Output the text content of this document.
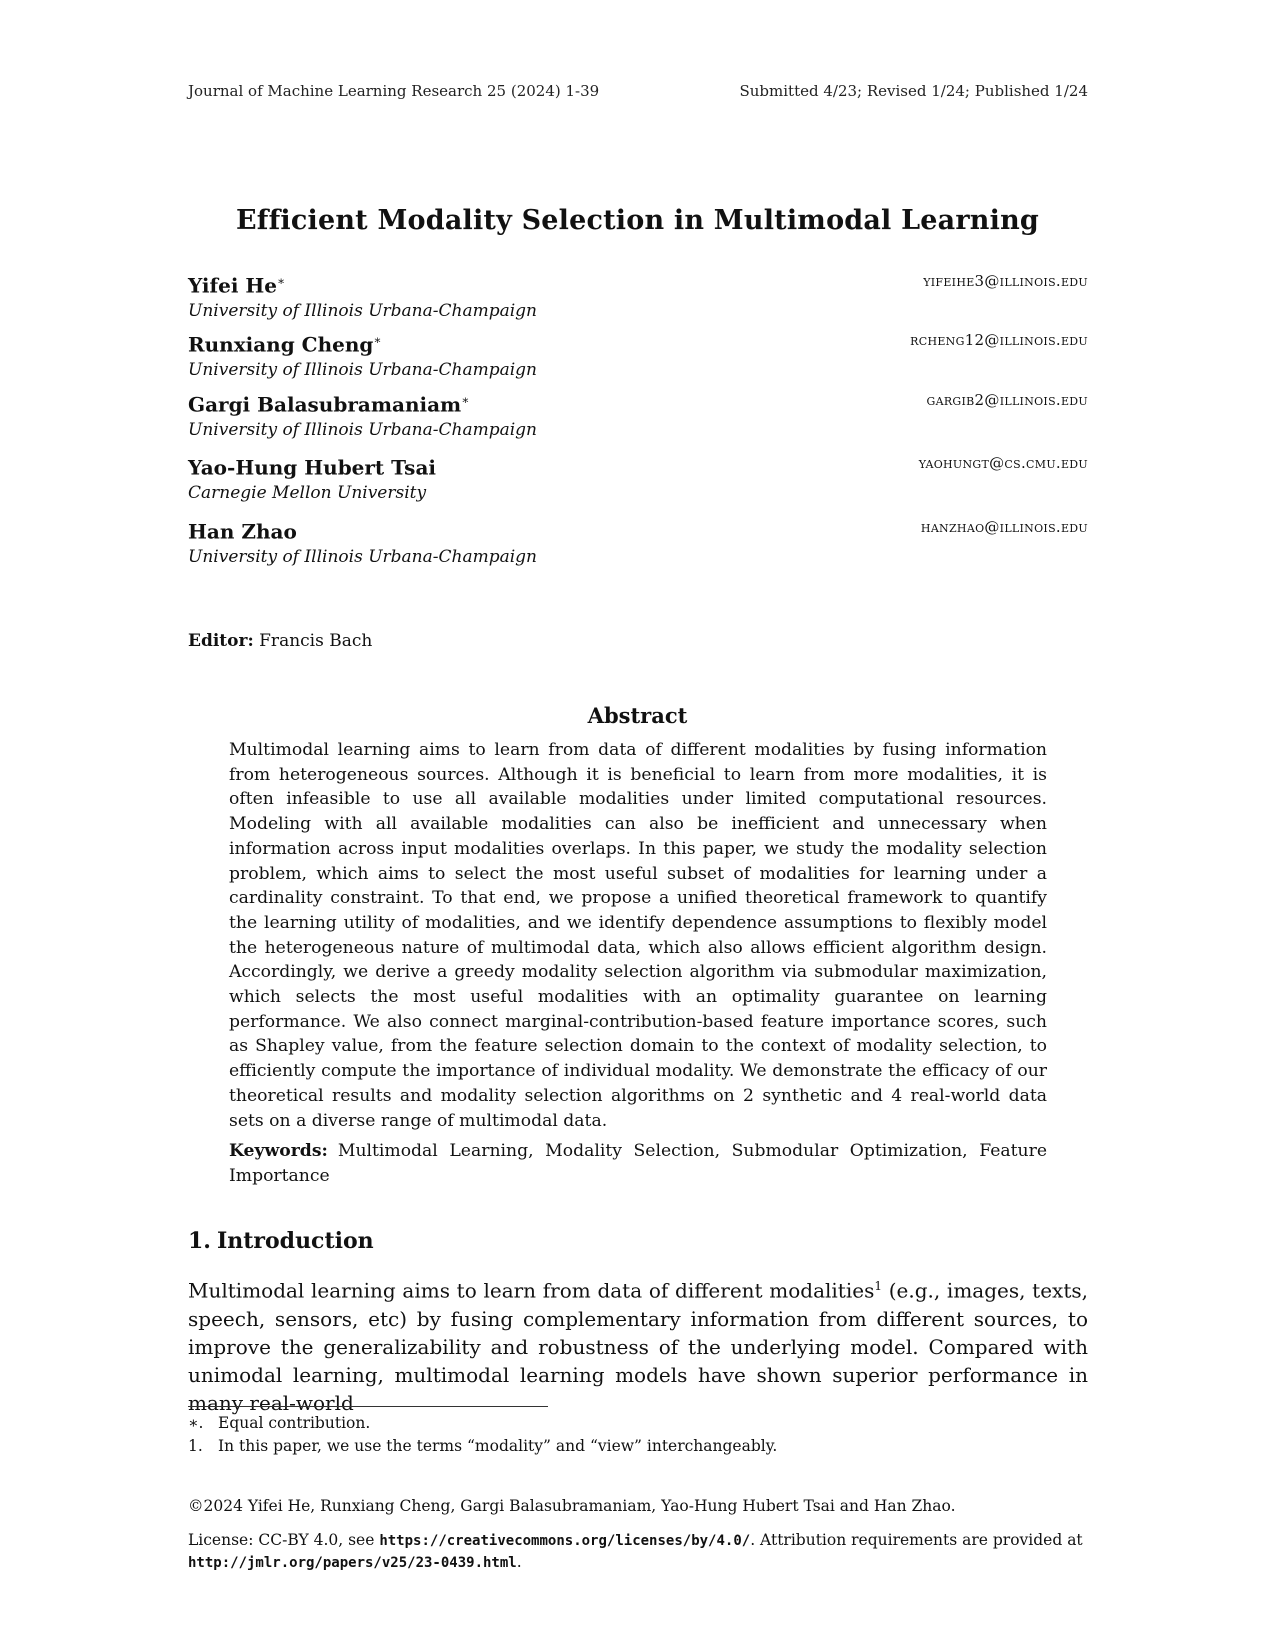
Journal of Machine Learning Research 25 (2024) 1-39	Submitted 4/23; Revised 1/24; Published 1/24
Efficient Modality Selection in Multimodal Learning
Yifei He∗
University of Illinois Urbana-Champaign
yifeihe3@illinois.edu
Runxiang Cheng∗
University of Illinois Urbana-Champaign
rcheng12@illinois.edu
Gargi Balasubramaniam∗
University of Illinois Urbana-Champaign
gargib2@illinois.edu
Yao-Hung Hubert Tsai
Carnegie Mellon University
yaohungt@cs.cmu.edu
Han Zhao
University of Illinois Urbana-Champaign
hanzhao@illinois.edu
Editor: Francis Bach
Abstract

Multimodal learning aims to learn from data of different modalities by fusing information from heterogeneous sources. Although it is beneficial to learn from more modalities, it is often infeasible to use all available modalities under limited computational resources. Modeling with all available modalities can also be inefficient and unnecessary when information across input modalities overlaps. In this paper, we study the modality selection problem, which aims to select the most useful subset of modalities for learning under a cardinality constraint. To that end, we propose a unified theoretical framework to quantify the learning utility of modalities, and we identify dependence assumptions to flexibly model the heterogeneous nature of multimodal data, which also allows efficient algorithm design. Accordingly, we derive a greedy modality selection algorithm via submodular maximization, which selects the most useful modalities with an optimality guarantee on learning performance. We also connect marginal-contribution-based feature importance scores, such as Shapley value, from the feature selection domain to the context of modality selection, to efficiently compute the importance of individual modality. We demonstrate the efficacy of our theoretical results and modality selection algorithms on 2 synthetic and 4 real-world data sets on a diverse range of multimodal data.

Keywords: Multimodal Learning, Modality Selection, Submodular Optimization, Feature Importance

1. Introduction

Multimodal learning aims to learn from data of different modalities$^1$ (e.g., images, texts, speech, sensors, etc) by fusing complementary information from different sources, to improve the generalizability and robustness of the underlying model. Compared with unimodal learning, multimodal learning models have shown superior performance in many real-world

∗. Equal contribution.

1. In this paper, we use the terms “modality” and “view” interchangeably.

©2024 Yifei He, Runxiang Cheng, Gargi Balasubramaniam, Yao-Hung Hubert Tsai and Han Zhao.
License: CC-BY 4.0, see https://creativecommons.org/licenses/by/4.0/. Attribution requirements are provided at http://jmlr.org/papers/v25/23-0439.html.
